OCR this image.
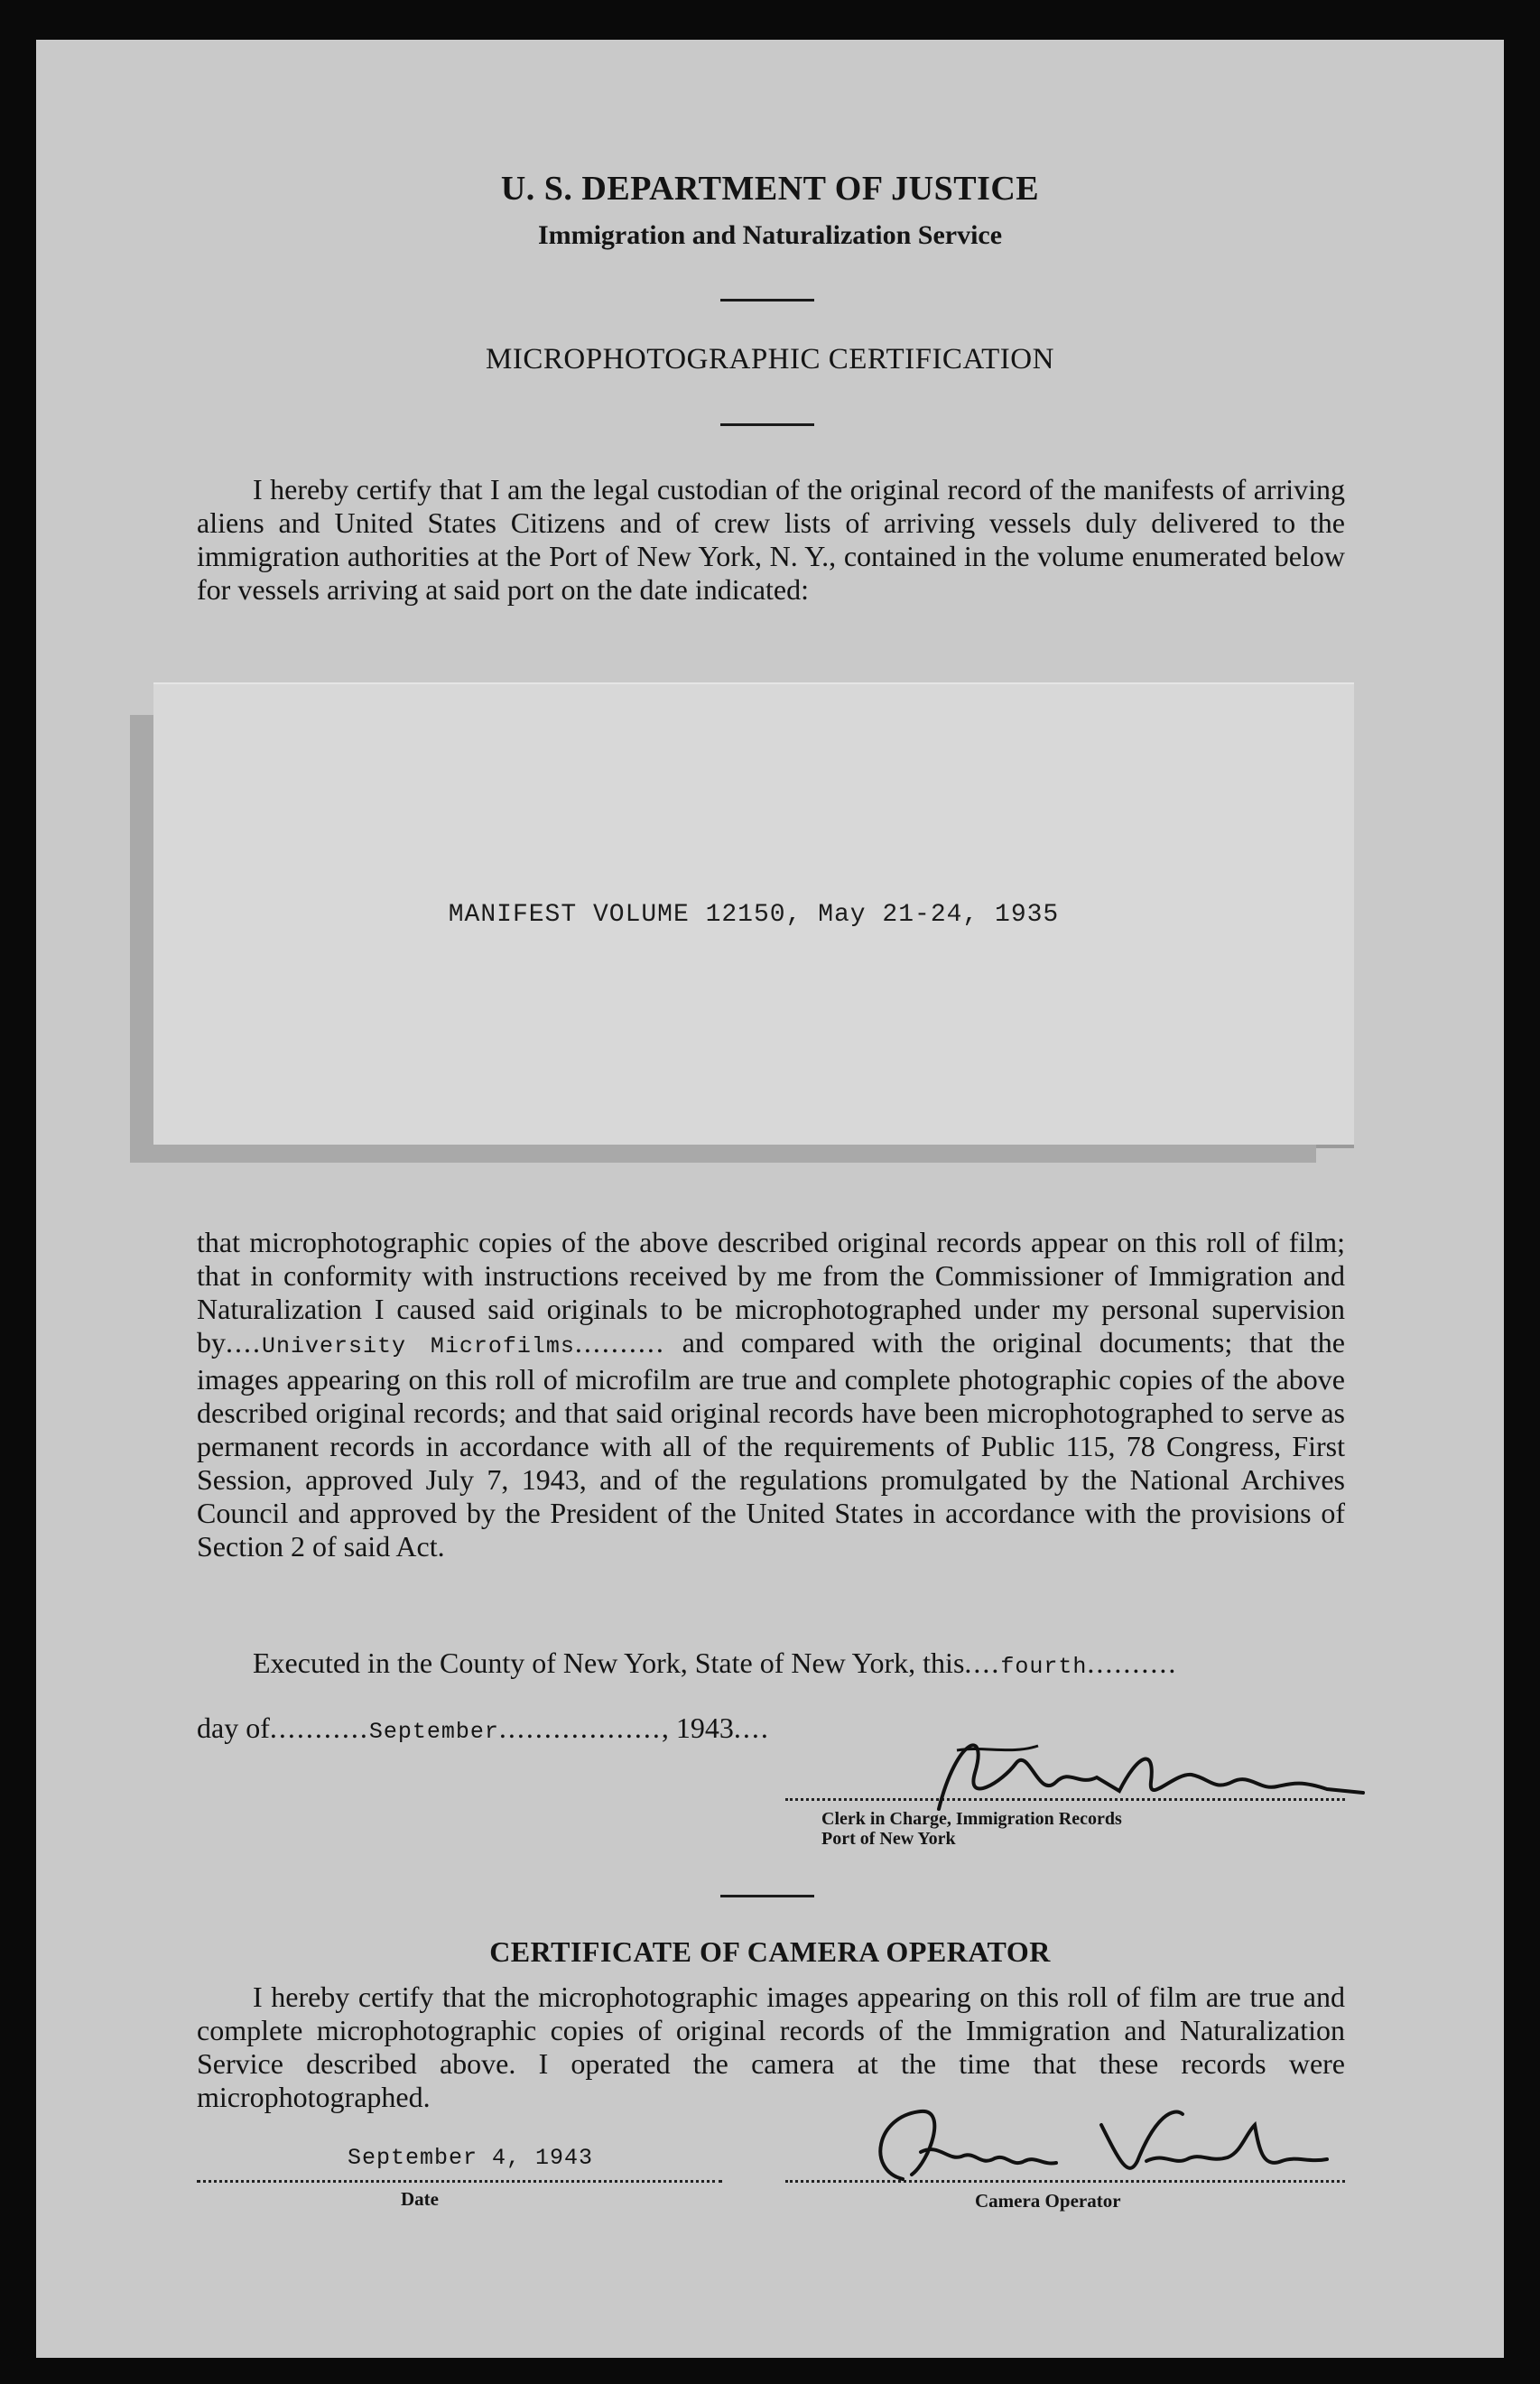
U. S. DEPARTMENT OF JUSTICE
Immigration and Naturalization Service
MICROPHOTOGRAPHIC CERTIFICATION
I hereby certify that I am the legal custodian of the original record of the manifests of arriving aliens and United States Citizens and of crew lists of arriving vessels duly delivered to the immigration authorities at the Port of New York, N. Y., contained in the volume enumerated below for vessels arriving at said port on the date indicated:
MANIFEST VOLUME 12150, May 21-24, 1935
that microphotographic copies of the above described original records appear on this roll of film; that in conformity with instructions received by me from the Commissioner of Immigration and Naturalization I caused said originals to be microphotographed under my personal supervision by....University Microfilms.......... and compared with the original documents; that the images appearing on this roll of microfilm are true and complete photographic copies of the above described original records; and that said original records have been microphotographed to serve as permanent records in accordance with all of the requirements of Public 115, 78 Congress, First Session, approved July 7, 1943, and of the regulations promulgated by the National Archives Council and approved by the President of the United States in accordance with the provisions of Section 2 of said Act.
Executed in the County of New York, State of New York, this....fourth..........
day of...........September.................., 1943....
Clerk in Charge, Immigration Records
Port of New York
CERTIFICATE OF CAMERA OPERATOR
I hereby certify that the microphotographic images appearing on this roll of film are true and complete microphotographic copies of original records of the Immigration and Naturalization Service described above. I operated the camera at the time that these records were microphotographed.
September 4, 1943
Date	Camera Operator
